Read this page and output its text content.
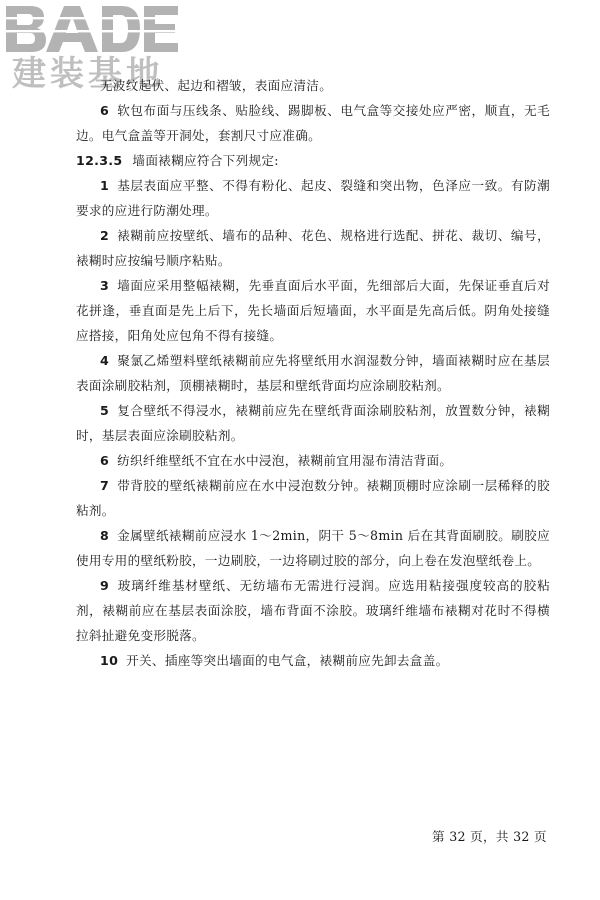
建装基地

无波纹起伏、起边和褶皱，表面应清洁。

6 软包布面与压线条、贴脸线、踢脚板、电气盒等交接处应严密，顺直，无毛边。电气盒盖等开洞处，套割尺寸应准确。

12.3.5 墙面裱糊应符合下列规定:

1 基层表面应平整、不得有粉化、起皮、裂缝和突出物，色泽应一致。有防潮要求的应进行防潮处理。

2 裱糊前应按壁纸、墙布的品种、花色、规格进行选配、拼花、裁切、编号，裱糊时应按编号顺序粘贴。

3 墙面应采用整幅裱糊，先垂直面后水平面，先细部后大面，先保证垂直后对花拼逢，垂直面是先上后下，先长墙面后短墙面，水平面是先高后低。阴角处接缝应搭接，阳角处应包角不得有接缝。

4 聚氯乙烯塑料壁纸裱糊前应先将壁纸用水润湿数分钟，墙面裱糊时应在基层表面涂刷胶粘剂，顶棚裱糊时，基层和壁纸背面均应涂刷胶粘剂。

5 复合壁纸不得浸水，裱糊前应先在壁纸背面涂刷胶粘剂，放置数分钟，裱糊时，基层表面应涂刷胶粘剂。

6 纺织纤维壁纸不宜在水中浸泡，裱糊前宜用湿布清洁背面。

7 带背胶的壁纸裱糊前应在水中浸泡数分钟。裱糊顶棚时应涂刷一层稀释的胶粘剂。

8 金属壁纸裱糊前应浸水 1～2min，阴干 5～8min 后在其背面刷胶。刷胶应使用专用的壁纸粉胶，一边刷胶，一边将刷过胶的部分，向上卷在发泡壁纸卷上。

9 玻璃纤维基材壁纸、无纺墙布无需进行浸润。应选用粘接强度较高的胶粘剂，裱糊前应在基层表面涂胶，墙布背面不涂胶。玻璃纤维墙布裱糊对花时不得横拉斜扯避免变形脱落。

10 开关、插座等突出墙面的电气盒，裱糊前应先卸去盒盖。

第 32 页，共 32 页
